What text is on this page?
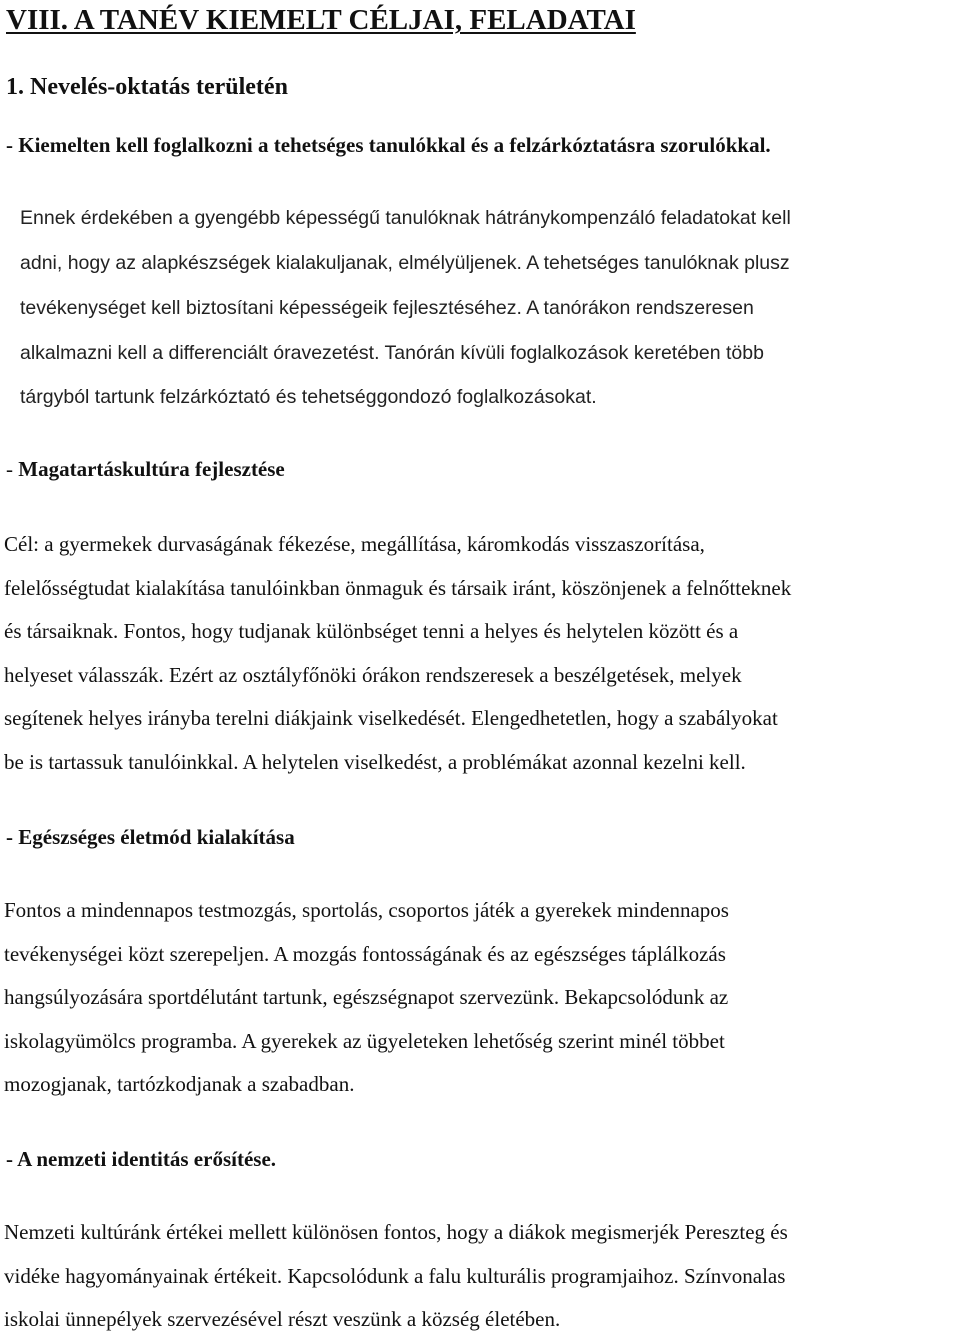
VIII. A TANÉV KIEMELT CÉLJAI, FELADATAI
1. Nevelés-oktatás területén
- Kiemelten kell foglalkozni a tehetséges tanulókkal és a felzárkóztatásra szorulókkal.
Ennek érdekében a gyengébb képességű tanulóknak hátránykompenzáló feladatokat kell
adni, hogy az alapkészségek kialakuljanak, elmélyüljenek. A tehetséges tanulóknak plusz
tevékenységet kell biztosítani képességeik fejlesztéséhez. A tanórákon rendszeresen
alkalmazni kell a differenciált óravezetést. Tanórán kívüli foglalkozások keretében több
tárgyból tartunk felzárkóztató és tehetséggondozó foglalkozásokat.
- Magatartáskultúra fejlesztése
Cél: a gyermekek durvaságának fékezése, megállítása, káromkodás visszaszorítása,
felelősségtudat kialakítása tanulóinkban önmaguk és társaik iránt, köszönjenek a felnőtteknek
és társaiknak. Fontos, hogy tudjanak különbséget tenni a helyes és helytelen között és a
helyeset válasszák. Ezért az osztályfőnöki órákon rendszeresek a beszélgetések, melyek
segítenek helyes irányba terelni diákjaink viselkedését. Elengedhetetlen, hogy a szabályokat
be is tartassuk tanulóinkkal. A helytelen viselkedést, a problémákat azonnal kezelni kell.
- Egészséges életmód kialakítása
Fontos a mindennapos testmozgás, sportolás, csoportos játék a gyerekek mindennapos
tevékenységei közt szerepeljen. A mozgás fontosságának és az egészséges táplálkozás
hangsúlyozására sportdélutánt tartunk, egészségnapot szervezünk. Bekapcsolódunk az
iskolagyümölcs programba. A gyerekek az ügyeleteken lehetőség szerint minél többet
mozogjanak, tartózkodjanak a szabadban.
- A nemzeti identitás erősítése.
Nemzeti kultúránk értékei mellett különösen fontos, hogy a diákok megismerjék Pereszteg és
vidéke hagyományainak értékeit. Kapcsolódunk a falu kulturális programjaihoz. Színvonalas
iskolai ünnepélyek szervezésével részt veszünk a község életében.
